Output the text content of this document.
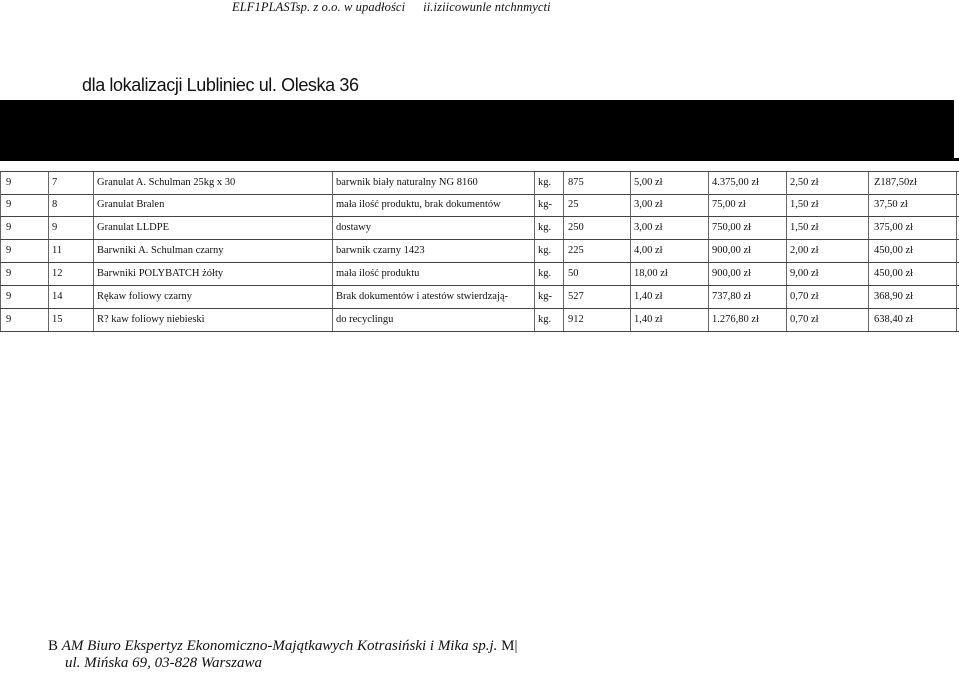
ELF1PLASTsp. z o.o. w upadłości ii.iziicowunle ntchnmycti
dla lokalizacji Lubliniec ul. Oleska 36
9	7	Granulat A. Schulman 25kg x 30	barwnik biały naturalny NG 8160	kg. 875	5,00 zł	4.375,00 zł	2,50 zł	Z187,50zł
9	8	Granulat Bralen	mała ilość produktu, brak dokumentów	kg- 25	3,00 zł	75,00 zł	1,50 zł	37,50 zł
9	9	Granulat LLDPE	dostawy	kg. 250	3,00 zł	750,00 zł	1,50 zł	375,00 zł
9	11	Barwniki A. Schulman czarny	barwnik czarny 1423	kg. 225	4,00 zł	900,00 zł	2,00 zł	450,00 zł
9	12	Barwniki POLYBATCH żółty	mała ilość produktu	kg. 50	18,00 zł	900,00 zł	9,00 zł	450,00 zł
9	14	Rękaw foliowy czarny	Brak dokumentów i atestów stwierdzają-	kg- 527	1,40 zł	737,80 zł	0,70 zł	368,90 zł
9	15	R? kaw foliowy niebieski	do recyclingu	kg. 912	1,40 zł	1.276,80 zł	0,70 zł	638,40 zł
B AM Biuro Ekspertyz Ekonomiczno-Majątkawych Kotrasiński i Mika sp.j. M|
ul. Mińska 69, 03-828 Warszawa
